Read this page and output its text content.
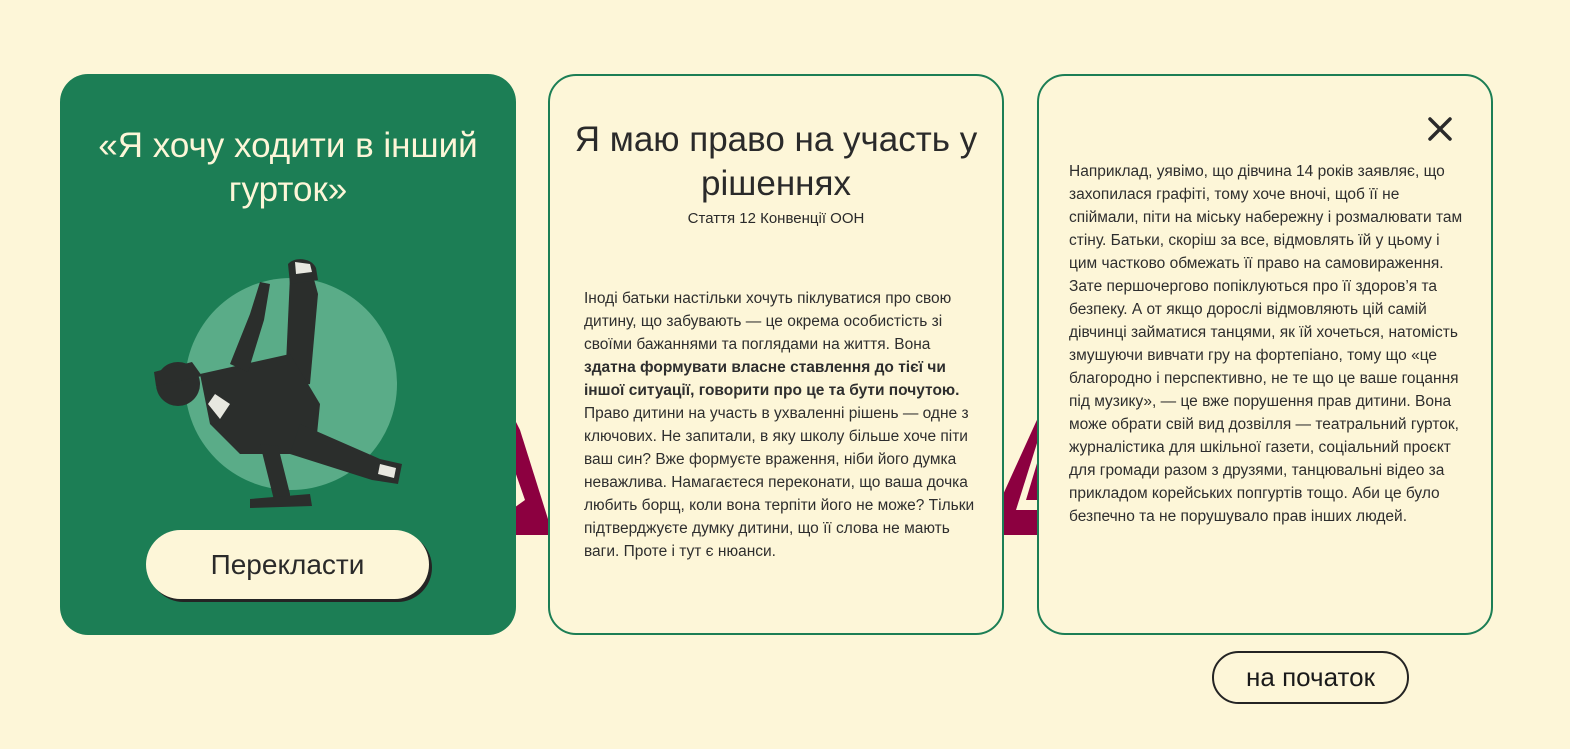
«Я хочу ходити в інший гурток»
Перекласти
Я маю право на участь у рішеннях

Стаття 12 Конвенції ООН

Іноді батьки настільки хочуть піклуватися про свою дитину, що забувають — це окрема особистість зі своїми бажаннями та поглядами на життя. Вона здатна формувати власне ставлення до тієї чи іншої ситуації, говорити про це та бути почутою. Право дитини на участь в ухваленні рішень — одне з ключових. Не запитали, в яку школу більше хоче піти ваш син? Вже формуєте враження, ніби його думка неважлива. Намагаєтеся переконати, що ваша дочка любить борщ, коли вона терпіти його не може? Тільки підтверджуєте думку дитини, що її слова не мають ваги. Проте і тут є нюанси.

Наприклад, уявімо, що дівчина 14 років заявляє, що захопилася графіті, тому хоче вночі, щоб її не спіймали, піти на міську набережну і розмалювати там стіну. Батьки, скоріш за все, відмовлять їй у цьому і цим частково обмежать її право на самовираження. Зате першочергово попіклуються про її здоров’я та безпеку. А от якщо дорослі відмовляють цій самій дівчинці займатися танцями, як їй хочеться, натомість змушуючи вивчати гру на фортепіано, тому що «це благородно і перспективно, не те що це ваше гоцання під музику», — це вже порушення прав дитини. Вона може обрати свій вид дозвілля — театральний гурток, журналістика для шкільної газети, соціальний проєкт для громади разом з друзями, танцювальні відео за прикладом корейських попгуртів тощо. Аби це було безпечно та не порушувало прав інших людей.

на початок
